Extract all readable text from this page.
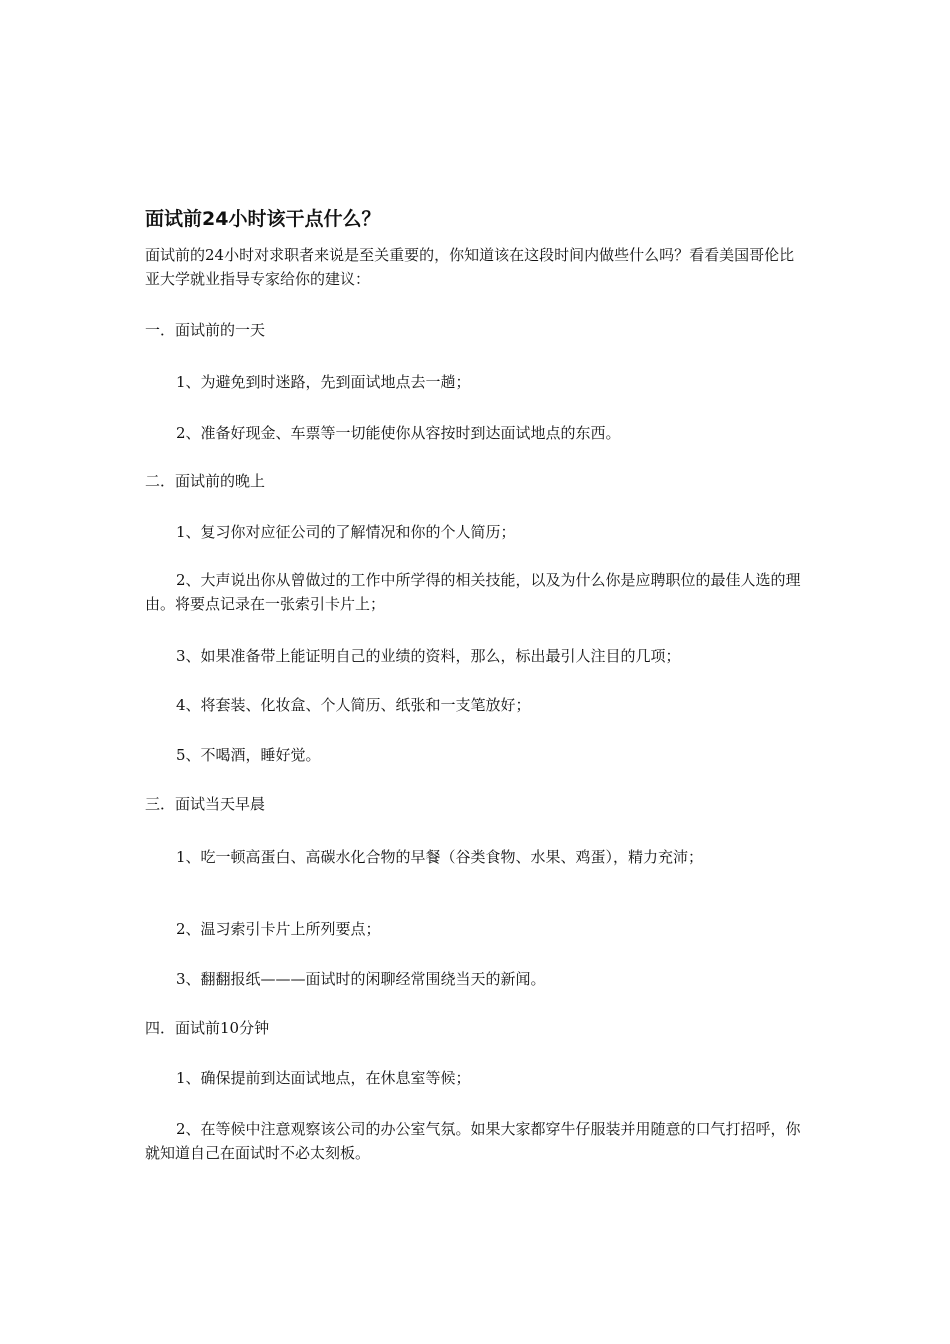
面试前24小时该干点什么？

面试前的24小时对求职者来说是至关重要的，你知道该在这段时间内做些什么吗？看看美国哥伦比亚大学就业指导专家给你的建议：

一．面试前的一天

1、为避免到时迷路，先到面试地点去一趟；

2、准备好现金、车票等一切能使你从容按时到达面试地点的东西。

二．面试前的晚上

1、复习你对应征公司的了解情况和你的个人简历；

2、大声说出你从曾做过的工作中所学得的相关技能，以及为什么你是应聘职位的最佳人选的理由。将要点记录在一张索引卡片上；

3、如果准备带上能证明自己的业绩的资料，那么，标出最引人注目的几项；

4、将套装、化妆盒、个人简历、纸张和一支笔放好；

5、不喝酒，睡好觉。

三．面试当天早晨

1、吃一顿高蛋白、高碳水化合物的早餐（谷类食物、水果、鸡蛋），精力充沛；

2、温习索引卡片上所列要点；

3、翻翻报纸———面试时的闲聊经常围绕当天的新闻。

四．面试前10分钟

1、确保提前到达面试地点，在休息室等候；

2、在等候中注意观察该公司的办公室气氛。如果大家都穿牛仔服装并用随意的口气打招呼，你就知道自己在面试时不必太刻板。
